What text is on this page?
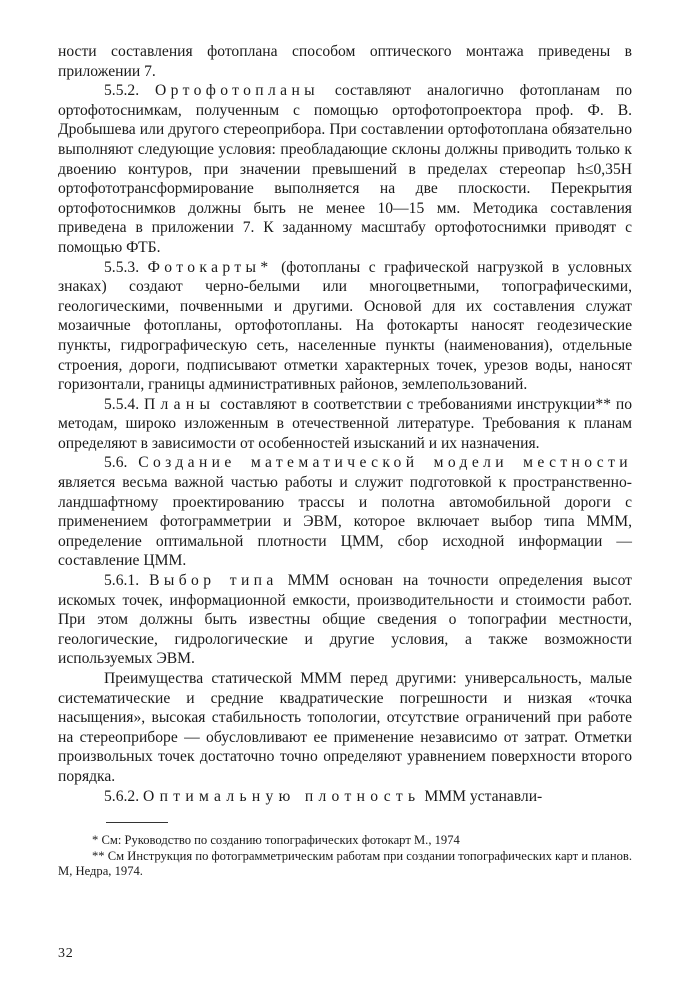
ности составления фотоплана способом оптического монтажа приведены в приложении 7.

5.5.2. Ортофотопланы составляют аналогично фотопланам по ортофотоснимкам, полученным с помощью ортофотопроектора проф. Ф. В. Дробышева или другого стереоприбора. При составлении ортофотоплана обязательно выполняют следующие условия: преобладающие склоны должны приводить только к двоению контуров, при значении превышений в пределах стереопар h≤0,35H ортофототрансформирование выполняется на две плоскости. Перекрытия ортофотоснимков должны быть не менее 10—15 мм. Методика составления приведена в приложении 7. К заданному масштабу ортофотоснимки приводят с помощью ФТБ.

5.5.3. Фотокарты* (фотопланы с графической нагрузкой в условных знаках) создают черно-белыми или многоцветными, топографическими, геологическими, почвенными и другими. Основой для их составления служат мозаичные фотопланы, ортофотопланы. На фотокарты наносят геодезические пункты, гидрографическую сеть, населенные пункты (наименования), отдельные строения, дороги, подписывают отметки характерных точек, урезов воды, наносят горизонтали, границы административных районов, землепользований.

5.5.4. Планы составляют в соответствии с требованиями инструкции** по методам, широко изложенным в отечественной литературе. Требования к планам определяют в зависимости от особенностей изысканий и их назначения.

5.6. Создание математической модели местности является весьма важной частью работы и служит подготовкой к пространственно-ландшафтному проектированию трассы и полотна автомобильной дороги с применением фотограмметрии и ЭВМ, которое включает выбор типа ММM, определение оптимальной плотности ЦММ, сбор исходной информации — составление ЦММ.

5.6.1. Выбор типа ММM основан на точности определения высот искомых точек, информационной емкости, производительности и стоимости работ. При этом должны быть известны общие сведения о топографии местности, геологические, гидрологические и другие условия, а также возможности используемых ЭВМ.

Преимущества статической ММM перед другими: универсальность, малые систематические и средние квадратические погрешности и низкая «точка насыщения», высокая стабильность топологии, отсутствие ограничений при работе на стереоприборе — обусловливают ее применение независимо от затрат. Отметки произвольных точек достаточно точно определяют уравнением поверхности второго порядка.

5.6.2. Оптимальную плотность ММM устанавли-

* См: Руководство по созданию топографических фотокарт М., 1974

** См Инструкция по фотограмметрическим работам при создании топографических карт и планов. М, Недра, 1974.

32
